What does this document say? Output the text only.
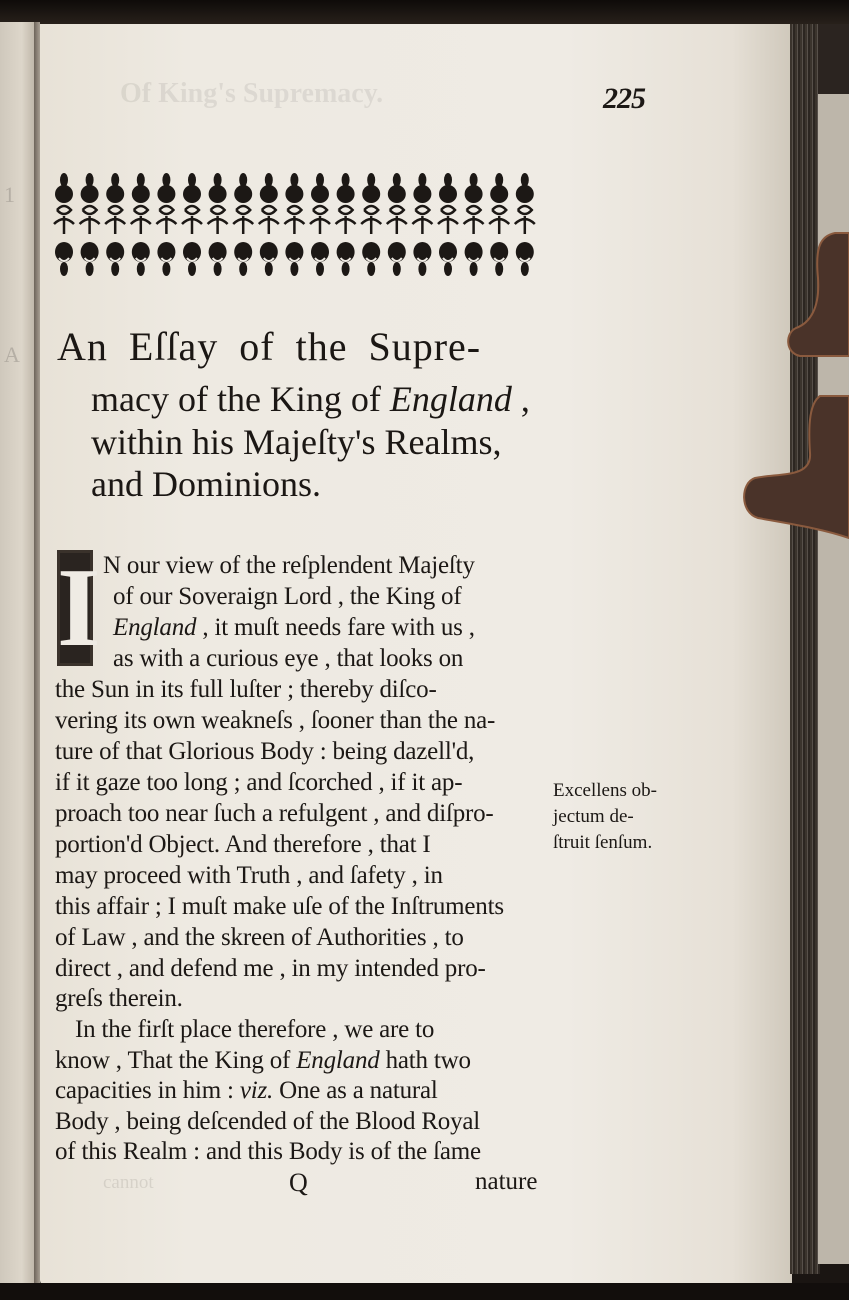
1
A
Of King's Supremacy.	225
An Eſſay of the Supre-
macy of the King of England ,
within his Majeſty's Realms,
and Dominions.
I N our view of the reſplendent Majeſty
of our Soveraign Lord , the King of
England , it muſt needs fare with us ,
as with a curious eye , that looks on
the Sun in its full luſter ; thereby diſco-
vering its own weakneſs , ſooner than the na-
ture of that Glorious Body : being dazell'd,
if it gaze too long ; and ſcorched , if it ap-
proach too near ſuch a refulgent , and diſpro-
portion'd Object. And therefore , that I
may proceed with Truth , and ſafety , in
this affair ; I muſt make uſe of the Inſtruments
of Law , and the skreen of Authorities , to
direct , and defend me , in my intended pro-
greſs therein.
In the firſt place therefore , we are to
know , That the King of England hath two
capacities in him : viz. One as a natural
Body , being deſcended of the Blood Royal
of this Realm : and this Body is of the ſame
Excellens ob-
jectum de-
ſtruit ſenſum.
cannot	Q	nature
